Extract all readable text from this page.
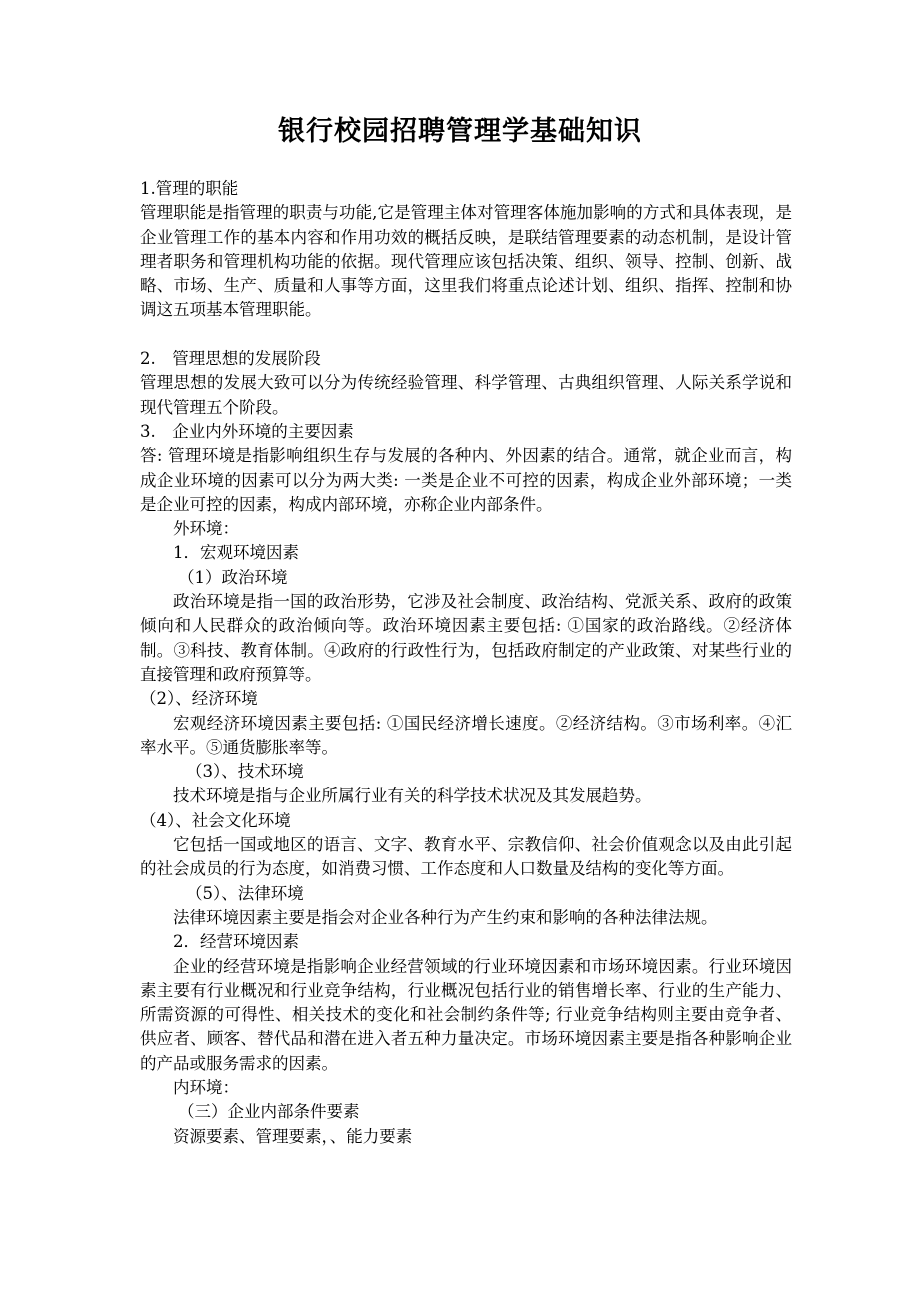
银行校园招聘管理学基础知识

1.管理的职能

管理职能是指管理的职责与功能,它是管理主体对管理客体施加影响的方式和具体表现，是企业管理工作的基本内容和作用功效的概括反映，是联结管理要素的动态机制，是设计管理者职务和管理机构功能的依据。现代管理应该包括决策、组织、领导、控制、创新、战略、市场、生产、质量和人事等方面，这里我们将重点论述计划、组织、指挥、控制和协调这五项基本管理职能。

2.　管理思想的发展阶段

管理思想的发展大致可以分为传统经验管理、科学管理、古典组织管理、人际关系学说和现代管理五个阶段。

3.　企业内外环境的主要因素

答: 管理环境是指影响组织生存与发展的各种内、外因素的结合。通常，就企业而言，构成企业环境的因素可以分为两大类: 一类是企业不可控的因素，构成企业外部环境；一类是企业可控的因素，构成内部环境，亦称企业内部条件。

外环境：

1．宏观环境因素

（1）政治环境

政治环境是指一国的政治形势，它涉及社会制度、政治结构、党派关系、政府的政策倾向和人民群众的政治倾向等。政治环境因素主要包括: ①国家的政治路线。②经济体制。③科技、教育体制。④政府的行政性行为，包括政府制定的产业政策、对某些行业的直接管理和政府预算等。

（2）、经济环境

宏观经济环境因素主要包括: ①国民经济增长速度。②经济结构。③市场利率。④汇率水平。⑤通货膨胀率等。

（3）、技术环境

技术环境是指与企业所属行业有关的科学技术状况及其发展趋势。

（4）、社会文化环境

它包括一国或地区的语言、文字、教育水平、宗教信仰、社会价值观念以及由此引起的社会成员的行为态度，如消费习惯、工作态度和人口数量及结构的变化等方面。

（5）、法律环境

法律环境因素主要是指会对企业各种行为产生约束和影响的各种法律法规。

2．经营环境因素

企业的经营环境是指影响企业经营领域的行业环境因素和市场环境因素。行业环境因素主要有行业概况和行业竞争结构，行业概况包括行业的销售增长率、行业的生产能力、所需资源的可得性、相关技术的变化和社会制约条件等; 行业竞争结构则主要由竞争者、供应者、顾客、替代品和潜在进入者五种力量决定。市场环境因素主要是指各种影响企业的产品或服务需求的因素。

内环境：

（三）企业内部条件要素

资源要素、管理要素，、能力要素
